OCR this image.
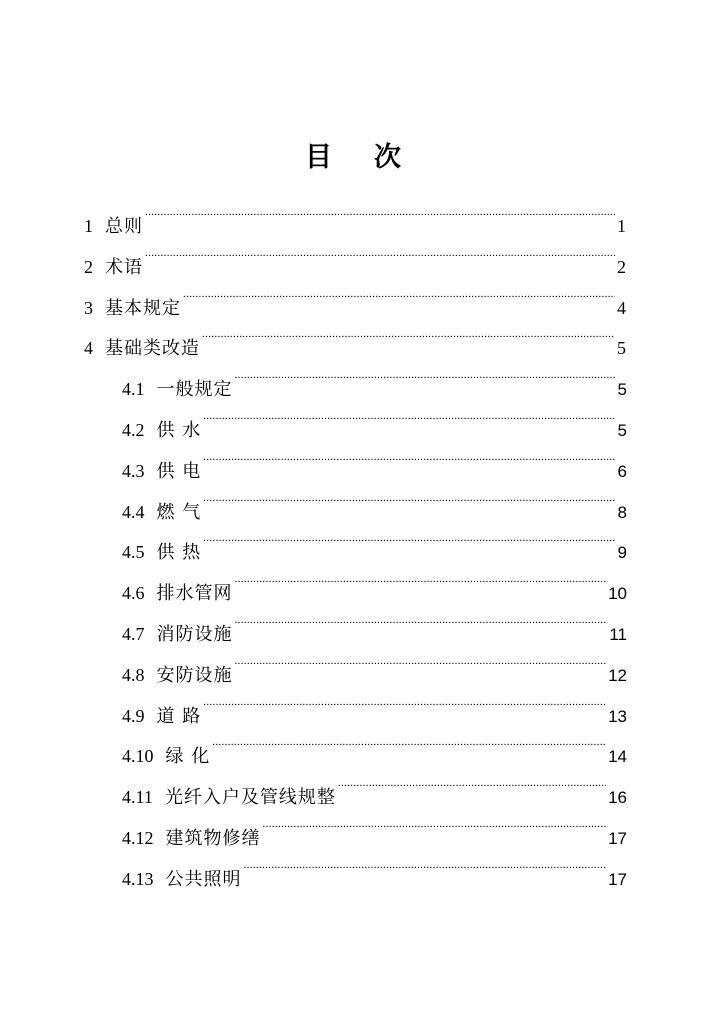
目 次
1 总则 . . .	1
2 术语 . . .	2
3 基本规定 . . .	4
4 基础类改造 . . .	5
4.1 一般规定 . . .	5
4.2 供 水 . . .	5
4.3 供 电 . . .	6
4.4 燃 气 . . .	8
4.5 供 热 . . .	9
4.6 排水管网 . . .	10
4.7 消防设施 . . .	11
4.8 安防设施 . . .	12
4.9 道 路 . . .	13
4.10 绿 化 . . .	14
4.11 光纤入户及管线规整 . . .	16
4.12 建筑物修缮 . . .	17
4.13 公共照明 . . .	17
